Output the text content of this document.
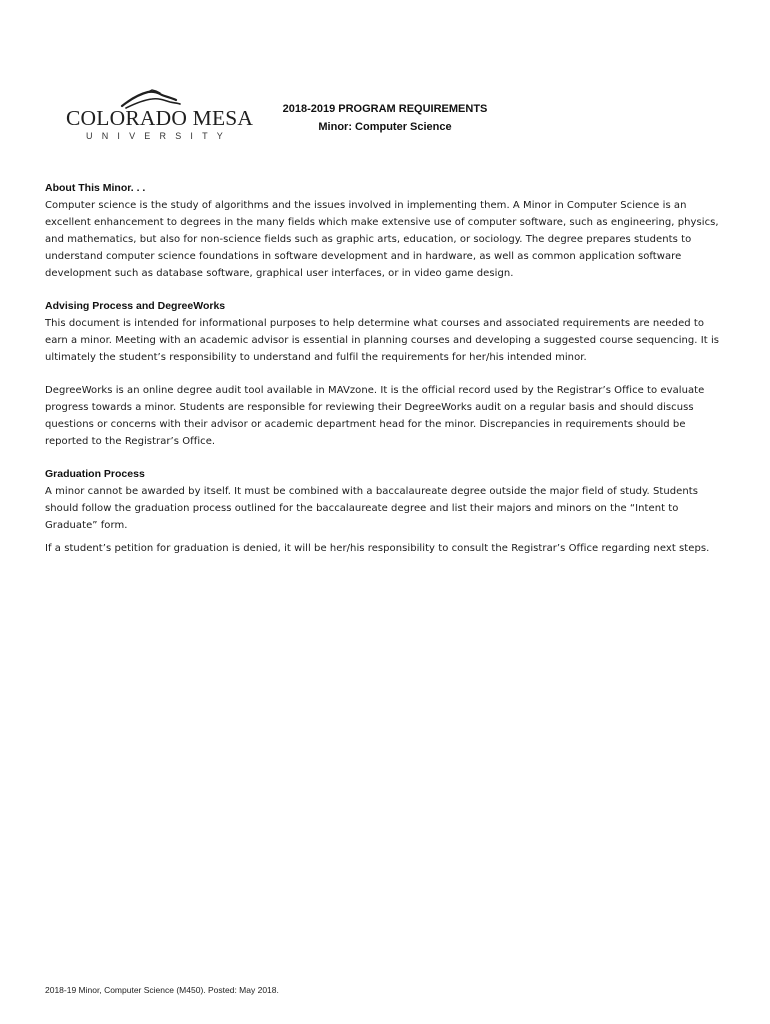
COLORADO MESA
UNIVERSITY
2018-2019 PROGRAM REQUIREMENTS
Minor: Computer Science
About This Minor. . .

Computer science is the study of algorithms and the issues involved in implementing them. A Minor in Computer Science is an excellent enhancement to degrees in the many fields which make extensive use of computer software, such as engineering, physics, and mathematics, but also for non-science fields such as graphic arts, education, or sociology. The degree prepares students to understand computer science foundations in software development and in hardware, as well as common application software development such as database software, graphical user interfaces, or in video game design.

Advising Process and DegreeWorks

This document is intended for informational purposes to help determine what courses and associated requirements are needed to earn a minor. Meeting with an academic advisor is essential in planning courses and developing a suggested course sequencing. It is ultimately the student’s responsibility to understand and fulfil the requirements for her/his intended minor.

DegreeWorks is an online degree audit tool available in MAVzone. It is the official record used by the Registrar’s Office to evaluate progress towards a minor. Students are responsible for reviewing their DegreeWorks audit on a regular basis and should discuss questions or concerns with their advisor or academic department head for the minor. Discrepancies in requirements should be reported to the Registrar’s Office.

Graduation Process

A minor cannot be awarded by itself. It must be combined with a baccalaureate degree outside the major field of study. Students should follow the graduation process outlined for the baccalaureate degree and list their majors and minors on the “Intent to Graduate” form.

If a student’s petition for graduation is denied, it will be her/his responsibility to consult the Registrar’s Office regarding next steps.

2018-19 Minor, Computer Science (M450). Posted: May 2018.
